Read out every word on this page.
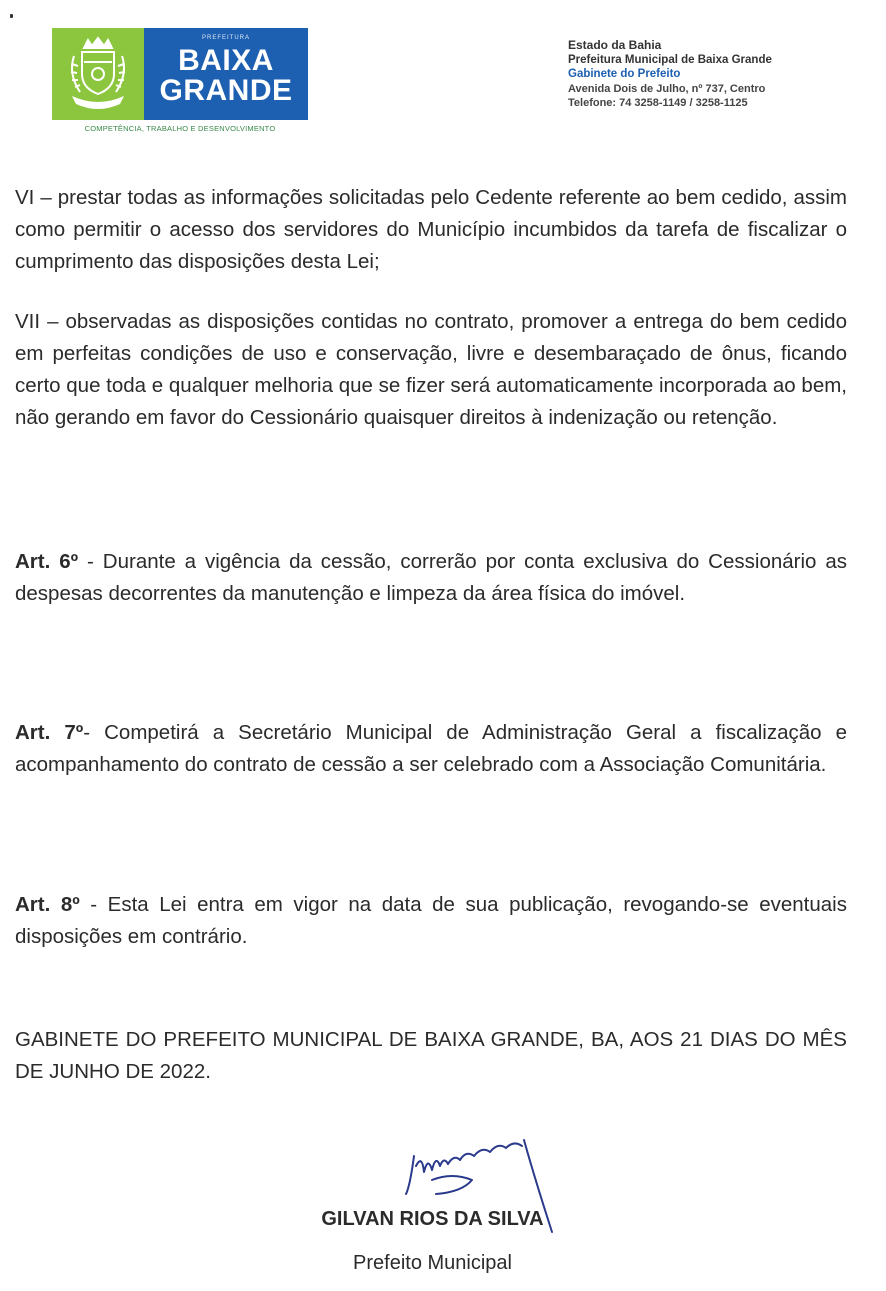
PREFEITURA
BAIXA
GRANDE
COMPETÊNCIA, TRABALHO E DESENVOLVIMENTO
Estado da Bahia
Prefeitura Municipal de Baixa Grande
Gabinete do Prefeito
Avenida Dois de Julho, nº 737, Centro
Telefone: 74 3258-1149 / 3258-1125
VI – prestar todas as informações solicitadas pelo Cedente referente ao bem cedido, assim como permitir o acesso dos servidores do Município incumbidos da tarefa de fiscalizar o cumprimento das disposições desta Lei;
VII – observadas as disposições contidas no contrato, promover a entrega do bem cedido em perfeitas condições de uso e conservação, livre e desembaraçado de ônus, ficando certo que toda e qualquer melhoria que se fizer será automaticamente incorporada ao bem, não gerando em favor do Cessionário quaisquer direitos à indenização ou retenção.
Art. 6º - Durante a vigência da cessão, correrão por conta exclusiva do Cessionário as despesas decorrentes da manutenção e limpeza da área física do imóvel.
Art. 7º- Competirá a Secretário Municipal de Administração Geral a fiscalização e acompanhamento do contrato de cessão a ser celebrado com a Associação Comunitária.
Art. 8º - Esta Lei entra em vigor na data de sua publicação, revogando-se eventuais disposições em contrário.
GABINETE DO PREFEITO MUNICIPAL DE BAIXA GRANDE, BA, AOS 21 DIAS DO MÊS DE JUNHO DE 2022.
GILVAN RIOS DA SILVA
Prefeito Municipal
